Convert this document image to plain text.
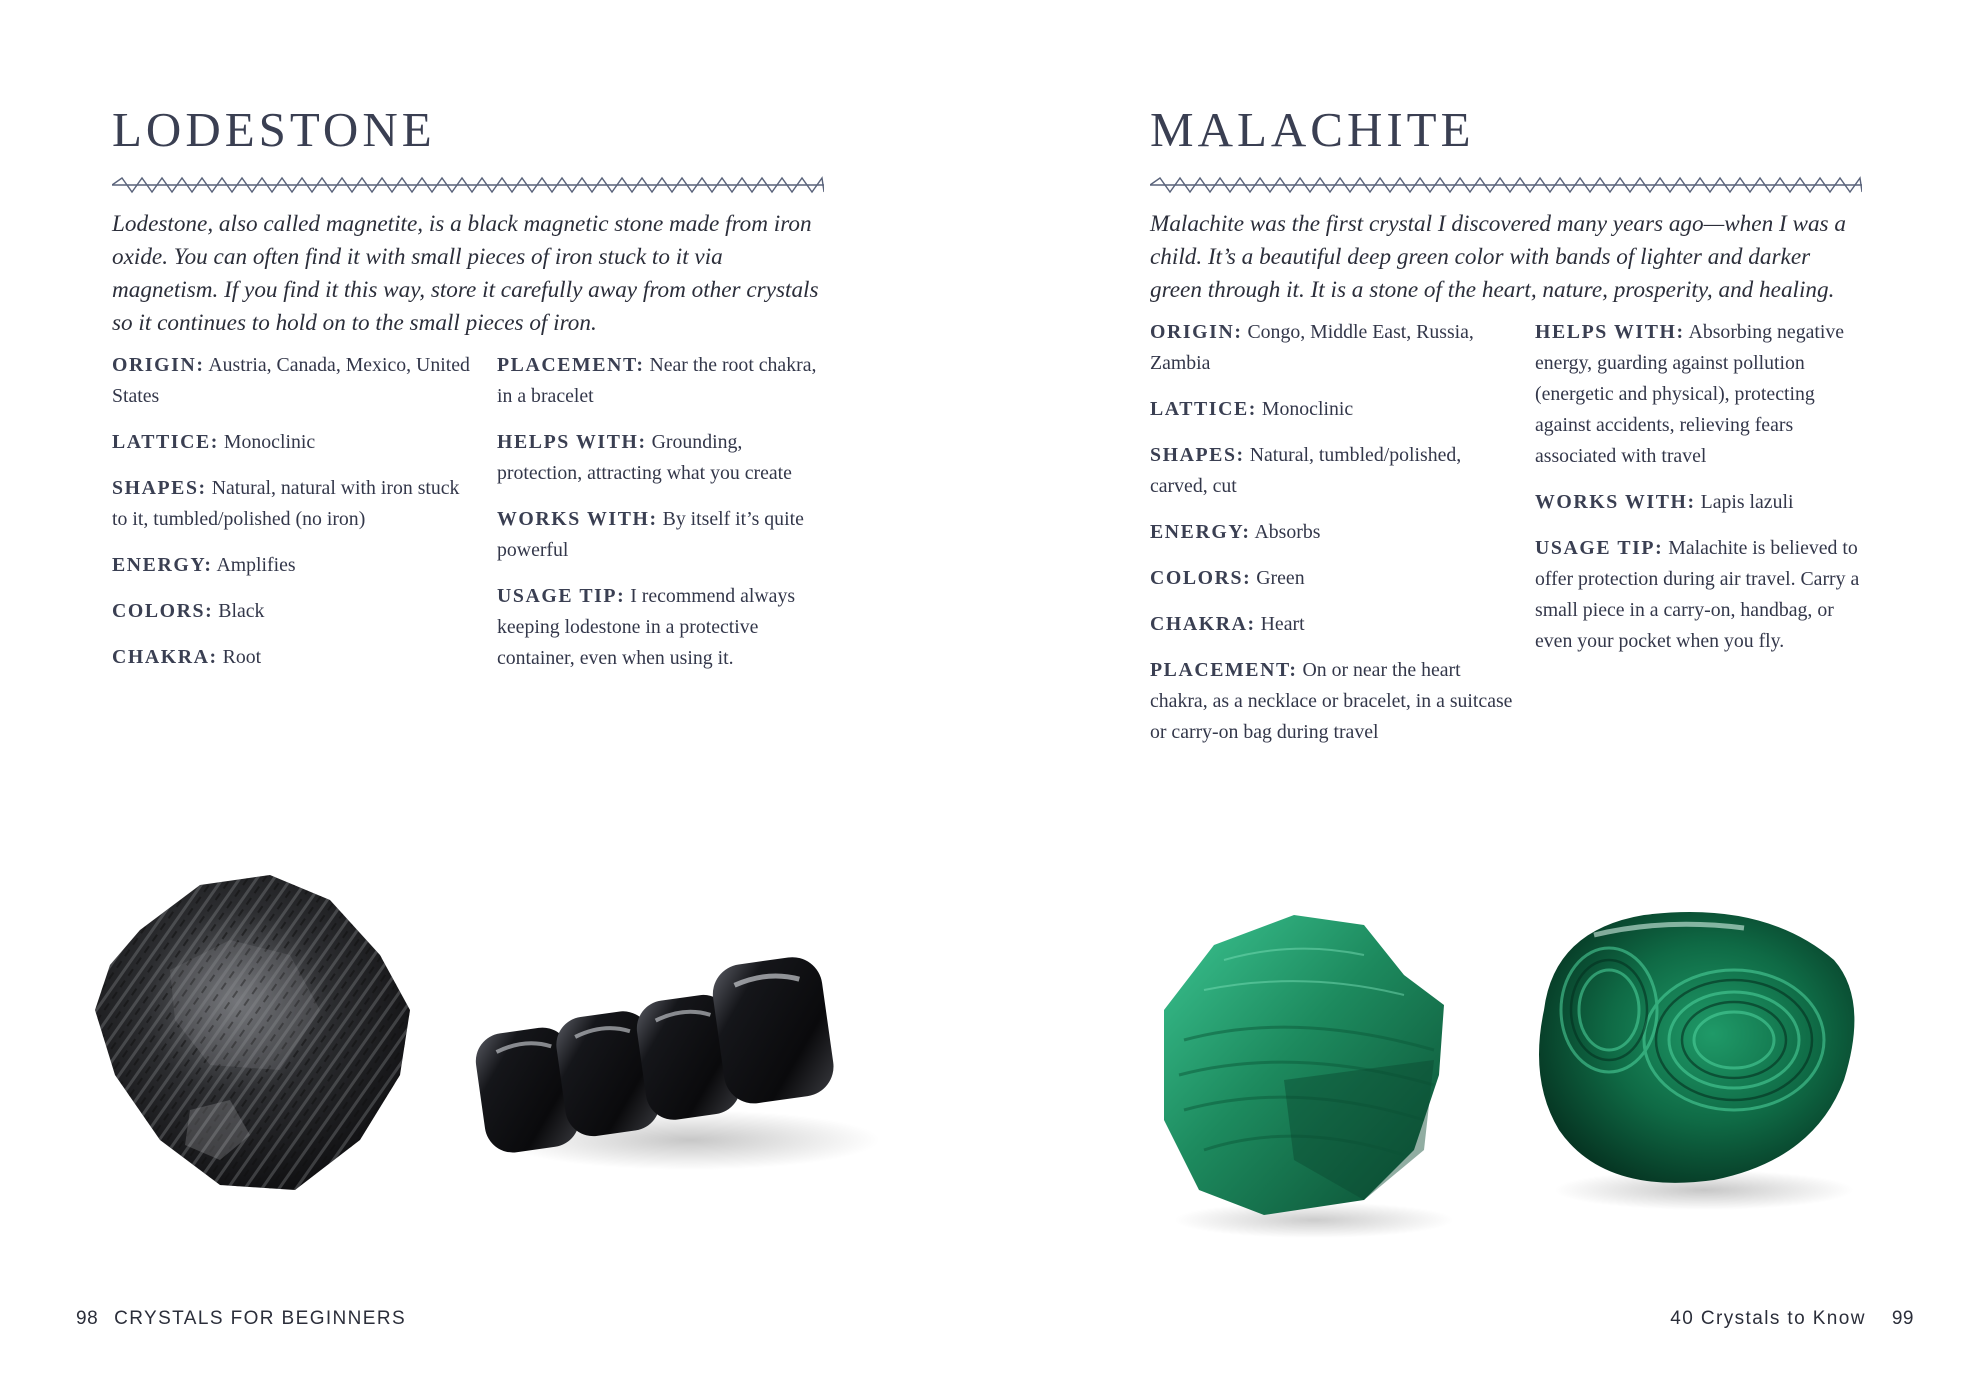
LODESTONE

Lodestone, also called magnetite, is a black magnetic stone made from iron oxide. You can often find it with small pieces of iron stuck to it via magnetism. If you find it this way, store it carefully away from other crystals so it continues to hold on to the small pieces of iron.

ORIGIN: Austria, Canada, Mexico, United States

LATTICE: Monoclinic

SHAPES: Natural, natural with iron stuck to it, tumbled/polished (no iron)

ENERGY: Amplifies

COLORS: Black

CHAKRA: Root

PLACEMENT: Near the root chakra, in a bracelet

HELPS WITH: Grounding, protection, attracting what you create

WORKS WITH: By itself it’s quite powerful

USAGE TIP: I recommend always keeping lodestone in a protective container, even when using it.

98 CRYSTALS FOR BEGINNERS
MALACHITE

Malachite was the first crystal I discovered many years ago—when I was a child. It’s a beautiful deep green color with bands of lighter and darker green through it. It is a stone of the heart, nature, prosperity, and healing.

ORIGIN: Congo, Middle East, Russia, Zambia

LATTICE: Monoclinic

SHAPES: Natural, tumbled/polished, carved, cut

ENERGY: Absorbs

COLORS: Green

CHAKRA: Heart

PLACEMENT: On or near the heart chakra, as a necklace or bracelet, in a suitcase or carry-on bag during travel

HELPS WITH: Absorbing negative energy, guarding against pollution (energetic and physical), protecting against accidents, relieving fears associated with travel

WORKS WITH: Lapis lazuli

USAGE TIP: Malachite is believed to offer protection during air travel. Carry a small piece in a carry-on, handbag, or even your pocket when you fly.

40 Crystals to Know 99
